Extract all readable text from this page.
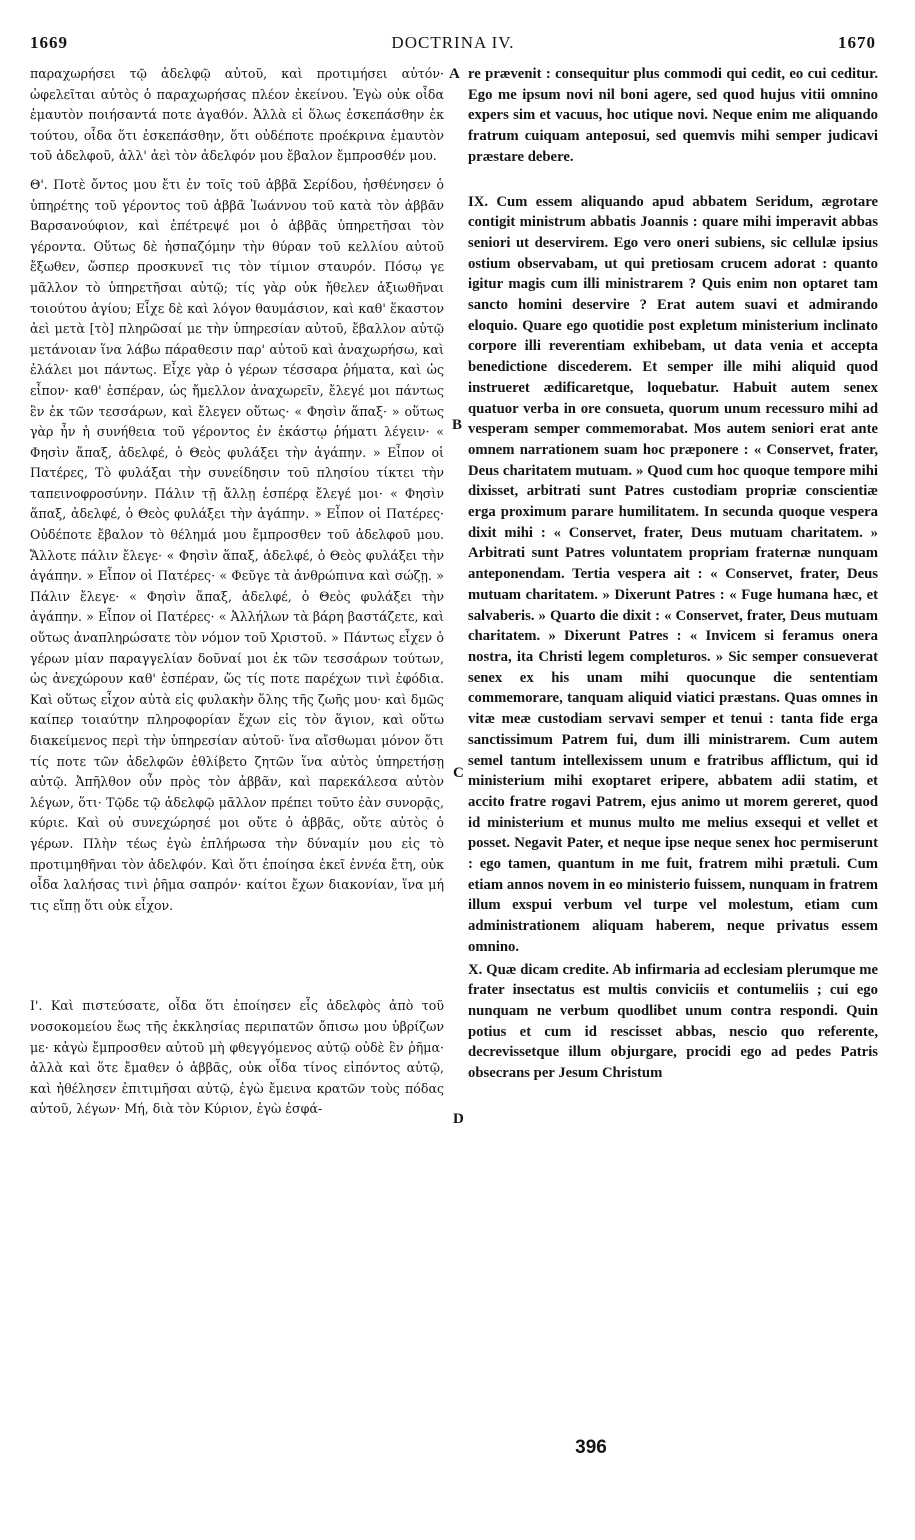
1669	DOCTRINA IV.	1670

παραχωρήσει τῷ ἀδελφῷ αὐτοῦ, καὶ προτιμήσει αὐτόν· ὠφελεῖται αὐτὸς ὁ παραχωρήσας πλέον ἐκείνου. Ἐγὼ οὐκ οἶδα ἐμαυτὸν ποιήσαντά ποτε ἀγαθόν. Ἀλλὰ εἰ ὅλως ἐσκεπάσθην ἐκ τούτου, οἶδα ὅτι ἐσκεπάσθην, ὅτι οὐδέποτε προέκρινα ἐμαυτὸν τοῦ ἀδελφοῦ, ἀλλ' ἀεὶ τὸν ἀδελφόν μου ἔβαλον ἔμπροσθέν μου.

Θ'. Ποτὲ ὄντος μου ἔτι ἐν τοῖς τοῦ ἀββᾶ Σερίδου, ἠσθένησεν ὁ ὑπηρέτης τοῦ γέροντος τοῦ ἀββᾶ Ἰωάννου τοῦ κατὰ τὸν ἀββᾶν Βαρσανούφιον, καὶ ἐπέτρεψέ μοι ὁ ἀββᾶς ὑπηρετῆσαι τὸν γέροντα. Οὕτως δὲ ἠσπαζόμην τὴν θύραν τοῦ κελλίου αὐτοῦ ἔξωθεν, ὥσπερ προσκυνεῖ τις τὸν τίμιον σταυρόν. Πόσῳ γε μᾶλλον τὸ ὑπηρετῆσαι αὐτῷ; τίς γὰρ οὐκ ἤθελεν ἀξιωθῆναι τοιούτου ἁγίου; Εἶχε δὲ καὶ λόγον θαυμάσιον, καὶ καθ' ἕκαστον ἀεὶ μετὰ [τὸ] πληρῶσαί με τὴν ὑπηρεσίαν αὐτοῦ, ἔβαλλον αὐτῷ μετάνοιαν ἵνα λάβω πάραθεσιν παρ' αὐτοῦ καὶ ἀναχωρήσω, καὶ ἐλάλει μοι πάντως. Εἶχε γὰρ ὁ γέρων τέσσαρα ῥήματα, καὶ ὡς εἶπον· καθ' ἑσπέραν, ὡς ἤμελλον ἀναχωρεῖν, ἔλεγέ μοι πάντως ἓν ἐκ τῶν τεσσάρων, καὶ ἔλεγεν οὕτως· « Φησὶν ἅπαξ· » οὕτως γὰρ ἦν ἡ συνήθεια τοῦ γέροντος ἐν ἑκάστῳ ῥήματι λέγειν· « Φησὶν ἅπαξ, ἀδελφέ, ὁ Θεὸς φυλάξει τὴν ἀγάπην. » Εἶπον οἱ Πατέρες, Τὸ φυλάξαι τὴν συνείδησιν τοῦ πλησίου τίκτει τὴν ταπεινοφροσύνην. Πάλιν τῇ ἄλλῃ ἑσπέρᾳ ἔλεγέ μοι· « Φησὶν ἅπαξ, ἀδελφέ, ὁ Θεὸς φυλάξει τὴν ἀγάπην. » Εἶπον οἱ Πατέρες· Οὐδέποτε ἔβαλον τὸ θέλημά μου ἔμπροσθεν τοῦ ἀδελφοῦ μου. Ἄλλοτε πάλιν ἔλεγε· « Φησὶν ἅπαξ, ἀδελφέ, ὁ Θεὸς φυλάξει τὴν ἀγάπην. » Εἶπον οἱ Πατέρες· « Φεῦγε τὰ ἀνθρώπινα καὶ σώζῃ. » Πάλιν ἔλεγε· « Φησὶν ἅπαξ, ἀδελφέ, ὁ Θεὸς φυλάξει τὴν ἀγάπην. » Εἶπον οἱ Πατέρες· « Ἀλλήλων τὰ βάρη βαστάζετε, καὶ οὕτως ἀναπληρώσατε τὸν νόμον τοῦ Χριστοῦ. » Πάντως εἶχεν ὁ γέρων μίαν παραγγελίαν δοῦναί μοι ἐκ τῶν τεσσάρων τούτων, ὡς ἀνεχώρουν καθ' ἑσπέραν, ὥς τίς ποτε παρέχων τινὶ ἐφόδια. Καὶ οὕτως εἶχον αὐτὰ εἰς φυλακὴν ὅλης τῆς ζωῆς μου· καὶ δμῶς καίπερ τοιαύτην πληροφορίαν ἔχων εἰς τὸν ἅγιον, καὶ οὕτω διακείμενος περὶ τὴν ὑπηρεσίαν αὐτοῦ· ἵνα αἴσθωμαι μόνον ὅτι τίς ποτε τῶν ἀδελφῶν ἐθλίβετο ζητῶν ἵνα αὐτὸς ὑπηρετήσῃ αὐτῷ. Ἀπῆλθον οὖν πρὸς τὸν ἀββᾶν, καὶ παρεκάλεσα αὐτὸν λέγων, ὅτι· Τῷδε τῷ ἀδελφῷ μᾶλλον πρέπει τοῦτο ἐὰν συνορᾷς, κύριε. Καὶ οὐ συνεχώρησέ μοι οὔτε ὁ ἀββᾶς, οὔτε αὐτὸς ὁ γέρων. Πλὴν τέως ἐγὼ ἐπλήρωσα τὴν δύναμίν μου εἰς τὸ προτιμηθῆναι τὸν ἀδελφόν. Καὶ ὅτι ἐποίησα ἐκεῖ ἐννέα ἔτη, οὐκ οἶδα λαλήσας τινὶ ῥῆμα σαπρόν· καίτοι ἔχων διακονίαν, ἵνα μή τις εἴπῃ ὅτι οὐκ εἶχον.

Ι'. Καὶ πιστεύσατε, οἶδα ὅτι ἐποίησεν εἷς ἀδελφὸς ἀπὸ τοῦ νοσοκομείου ἕως τῆς ἐκκλησίας περιπατῶν ὄπισω μου ὑβρίζων με· κἀγὼ ἔμπροσθεν αὐτοῦ μὴ φθεγγόμενος αὐτῷ οὐδὲ ἓν ῥῆμα· ἀλλὰ καὶ ὅτε ἔμαθεν ὁ ἀββᾶς, οὐκ οἶδα τίνος εἰπόντος αὐτῷ, καὶ ἠθέλησεν ἐπιτιμῆσαι αὐτῷ, ἐγὼ ἔμεινα κρατῶν τοὺς πόδας αὐτοῦ, λέγων· Μή, διὰ τὸν Κύριον, ἐγὼ ἐσφά-

A
B
C
D

re prævenit : consequitur plus commodi qui cedit, eo cui ceditur. Ego me ipsum novi nil boni agere, sed quod hujus vitii omnino expers sim et vacuus, hoc utique novi. Neque enim me aliquando fratrum cuiquam anteposui, sed quemvis mihi semper judicavi præstare debere.

IX. Cum essem aliquando apud abbatem Seridum, ægrotare contigit ministrum abbatis Joannis : quare mihi imperavit abbas seniori ut deservirem. Ego vero oneri subiens, sic cellulæ ipsius ostium observabam, ut qui pretiosam crucem adorat : quanto igitur magis cum illi ministrarem ? Quis enim non optaret tam sancto homini deservire ? Erat autem suavi et admirando eloquio. Quare ego quotidie post expletum ministerium inclinato corpore illi reverentiam exhibebam, ut data venia et accepta benedictione discederem. Et semper ille mihi aliquid quod instrueret ædificaretque, loquebatur. Habuit autem senex quatuor verba in ore consueta, quorum unum recessuro mihi ad vesperam semper commemorabat. Mos autem seniori erat ante omnem narrationem suam hoc præponere : « Conservet, frater, Deus charitatem mutuam. » Quod cum hoc quoque tempore mihi dixisset, arbitrati sunt Patres custodiam propriæ conscientiæ erga proximum parare humilitatem. In secunda quoque vespera dixit mihi : « Conservet, frater, Deus mutuam charitatem. » Arbitrati sunt Patres voluntatem propriam fraternæ nunquam anteponendam. Tertia vespera ait : « Conservet, frater, Deus mutuam charitatem. » Dixerunt Patres : « Fuge humana hæc, et salvaberis. » Quarto die dixit : « Conservet, frater, Deus mutuam charitatem. » Dixerunt Patres : « Invicem si feramus onera nostra, ita Christi legem completuros. » Sic semper consueverat senex ex his unam mihi quocunque die sententiam commemorare, tanquam aliquid viatici præstans. Quas omnes in vitæ meæ custodiam servavi semper et tenui : tanta fide erga sanctissimum Patrem fui, dum illi ministrarem. Cum autem semel tantum intellexissem unum e fratribus afflictum, qui id ministerium mihi exoptaret eripere, abbatem adii statim, et accito fratre rogavi Patrem, ejus animo ut morem gereret, quod id ministerium et munus multo me melius exsequi et vellet et posset. Negavit Pater, et neque ipse neque senex hoc permiserunt : ego tamen, quantum in me fuit, fratrem mihi prætuli. Cum etiam annos novem in eo ministerio fuissem, nunquam in fratrem illum exspui verbum vel turpe vel molestum, etiam cum administrationem aliquam haberem, neque privatus essem omnino.

X. Quæ dicam credite. Ab infirmaria ad ecclesiam plerumque me frater insectatus est multis conviciis et contumeliis ; cui ego nunquam ne verbum quodlibet unum contra respondi. Quin potius et cum id rescisset abbas, nescio quo referente, decrevissetque illum objurgare, procidi ego ad pedes Patris obsecrans per Jesum Christum

396
